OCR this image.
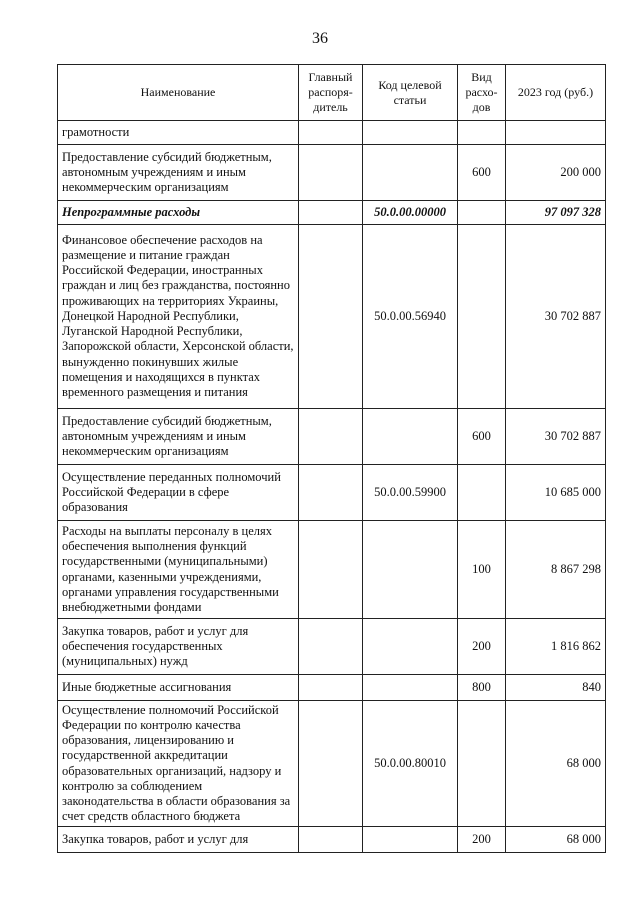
36
Наименование	Главный распоря-дитель	Код целевой статьи	Вид расхо-дов	2023 год (руб.)
грамотности				
Предоставление субсидий бюджетным, автономным учреждениям и иным некоммерческим организациям			600	200 000
Непрограммные расходы		50.0.00.00000		97 097 328
Финансовое обеспечение расходов на размещение и питание граждан Российской Федерации, иностранных граждан и лиц без гражданства, постоянно проживающих на территориях Украины, Донецкой Народной Республики, Луганской Народной Республики, Запорожской области, Херсонской области, вынужденно покинувших жилые помещения и находящихся в пунктах временного размещения и питания		50.0.00.56940		30 702 887
Предоставление субсидий бюджетным, автономным учреждениям и иным некоммерческим организациям			600	30 702 887
Осуществление переданных полномочий Российской Федерации в сфере образования		50.0.00.59900		10 685 000
Расходы на выплаты персоналу в целях обеспечения выполнения функций государственными (муниципальными) органами, казенными учреждениями, органами управления государственными внебюджетными фондами			100	8 867 298
Закупка товаров, работ и услуг для обеспечения государственных (муниципальных) нужд			200	1 816 862
Иные бюджетные ассигнования			800	840
Осуществление полномочий Российской Федерации по контролю качества образования, лицензированию и государственной аккредитации образовательных организаций, надзору и контролю за соблюдением законодательства в области образования за счет средств областного бюджета		50.0.00.80010		68 000
Закупка товаров, работ и услуг для			200	68 000
